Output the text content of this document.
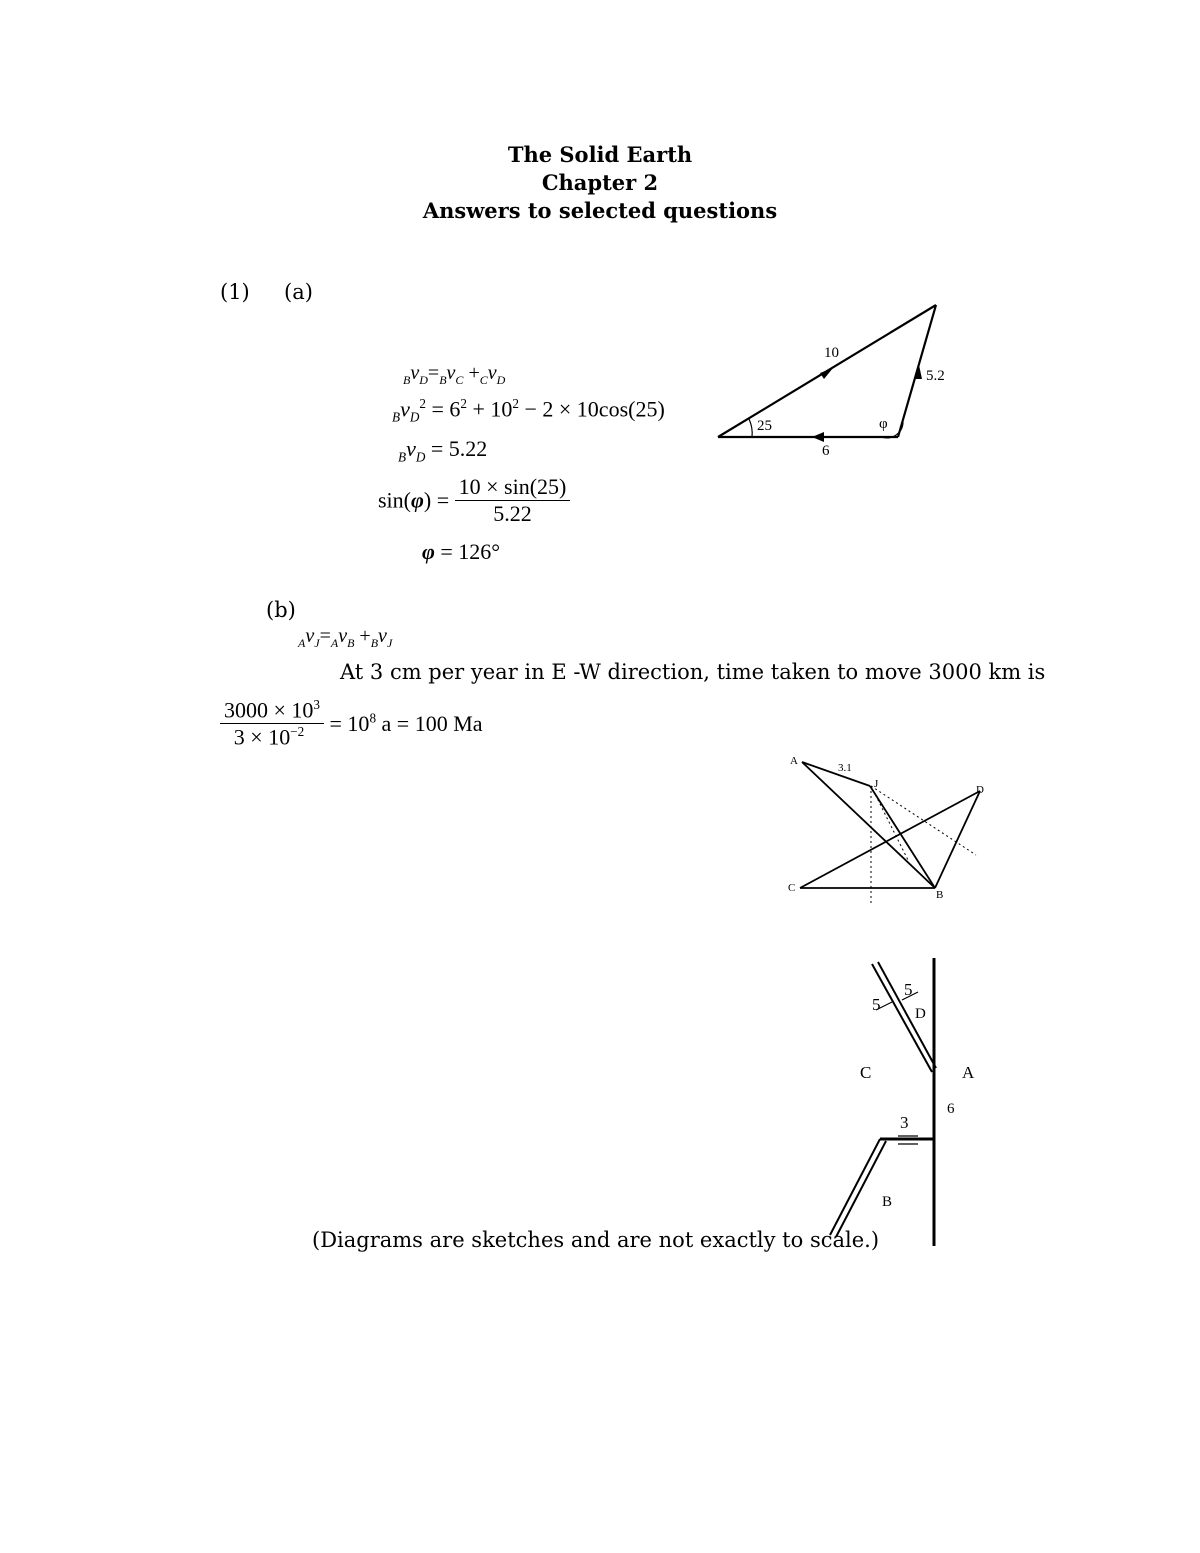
The Solid Earth
Chapter 2
Answers to selected questions
(1) (a)
$_Bv_D=_Bv_C +_Cv_D$
$_Bv_D^2 = 6^2 + 10^2 - 2 \times 10\cos(25)$
$_Bv_D = 5.22$
$\sin(\varphi) = \frac{10 \times \sin(25)}{5.22}$
φ = 126°
10
5.2
25	φ
6
(b)
$_Av_J=_Av_B +_Bv_J$
At 3 cm per year in E -W direction, time taken to move 3000 km is
$\frac{3000 \times 10^3}{3 \times 10^{-2}} = 10^8$ a = 100 Ma
A
3.1
J	D
C
B
5
5
D
C	A
6
3
B
(Diagrams are sketches and are not exactly to scale.)
